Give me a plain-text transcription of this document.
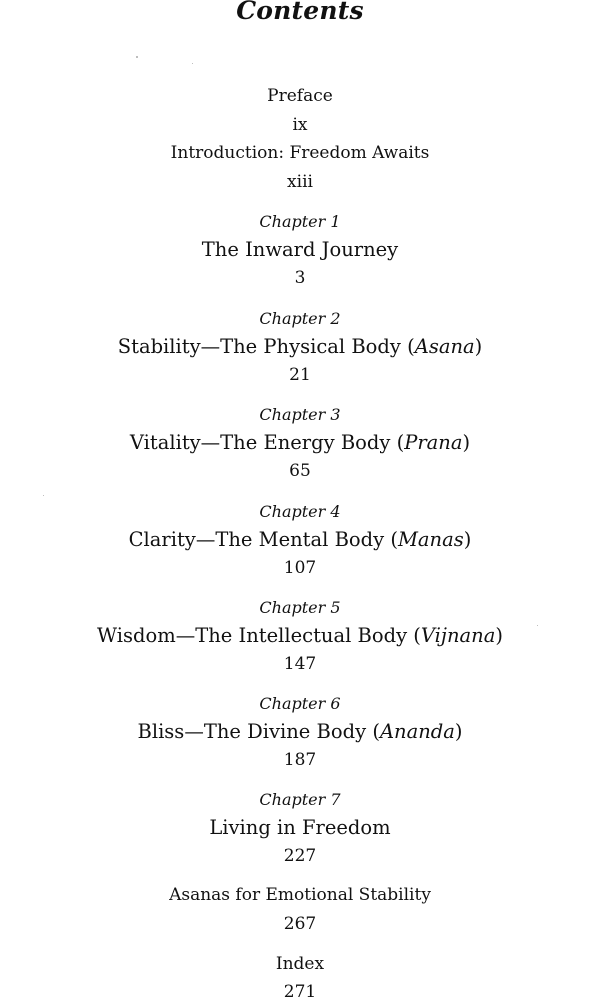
Contents
Preface
ix
Introduction: Freedom Awaits
xiii
Chapter 1
The Inward Journey
3
Chapter 2
Stability—The Physical Body (Asana)
21
Chapter 3
Vitality—The Energy Body (Prana)
65
Chapter 4
Clarity—The Mental Body (Manas)
107
Chapter 5
Wisdom—The Intellectual Body (Vijnana)
147
Chapter 6
Bliss—The Divine Body (Ananda)
187
Chapter 7
Living in Freedom
227
Asanas for Emotional Stability
267
Index
271
